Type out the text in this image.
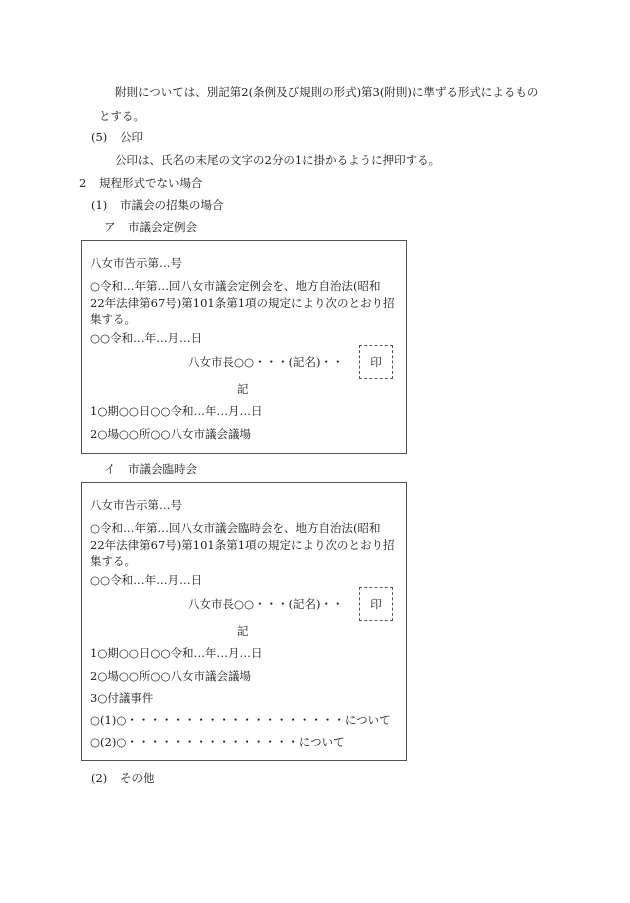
附則については、別記第2(条例及び規則の形式)第3(附則)に準ずる形式によるもの
とする。
(5) 公印
公印は、氏名の末尾の文字の2分の1に掛かるように押印する。
2 規程形式でない場合
(1) 市議会の招集の場合
ア 市議会定例会
八女市告示第…号
○令和…年第…回八女市議会定例会を、地方自治法(昭和
22年法律第67号)第101条第1項の規定により次のとおり招
集する。
○○令和…年…月…日
八女市長○○・・・(記名)・・ 印
記
1○期○○日○○令和…年…月…日
2○場○○所○○八女市議会議場
イ 市議会臨時会
八女市告示第…号
○令和…年第…回八女市議会臨時会を、地方自治法(昭和
22年法律第67号)第101条第1項の規定により次のとおり招
集する。
○○令和…年…月…日
八女市長○○・・・(記名)・・ 印
記
1○期○○日○○令和…年…月…日
2○場○○所○○八女市議会議場
3○付議事件
○(1)○・・・・・・・・・・・・・・・・・・・について
○(2)○・・・・・・・・・・・・・・・について
(2) その他
